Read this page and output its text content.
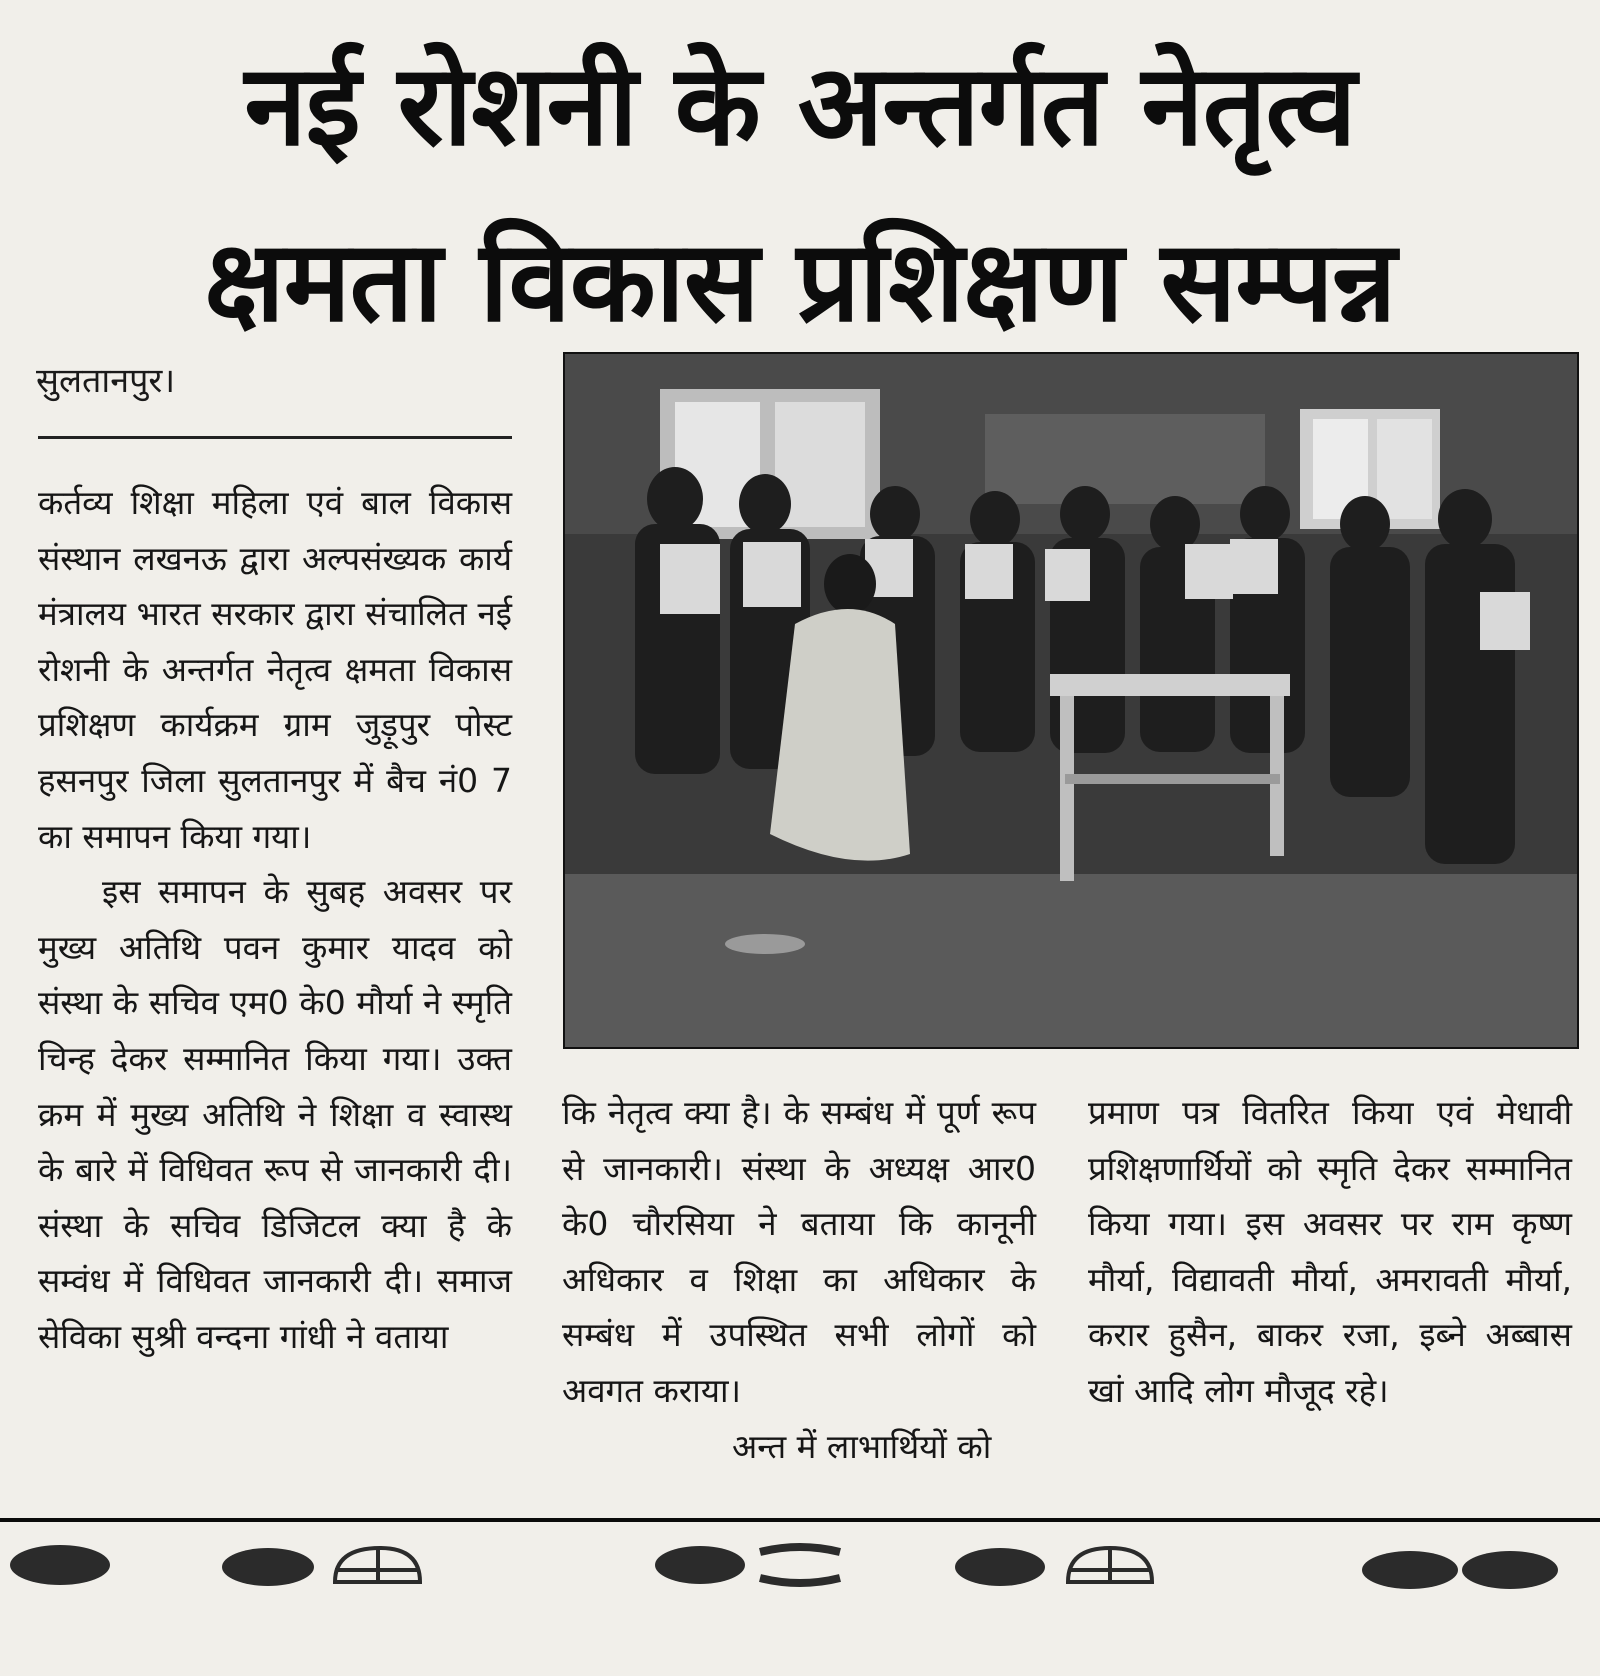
नई रोशनी के अन्तर्गत नेतृत्व
क्षमता विकास प्रशिक्षण सम्पन्न
सुलतानपुर।

कर्तव्य शिक्षा महिला एवं बाल विकास संस्थान लखनऊ द्वारा अल्पसंख्यक कार्य मंत्रालय भारत सरकार द्वारा संचालित नई रोशनी के अन्तर्गत नेतृत्व क्षमता विकास प्रशिक्षण कार्यक्रम ग्राम जुड़ूपुर पोस्ट हसनपुर जिला सुलतानपुर में बैच नं0 7 का समापन किया गया।

इस समापन के सुबह अवसर पर मुख्य अतिथि पवन कुमार यादव को संस्था के सचिव एम0 के0 मौर्या ने स्मृति चिन्ह देकर सम्मानित किया गया। उक्त क्रम में मुख्य अतिथि ने शिक्षा व स्वास्थ के बारे में विधिवत रूप से जानकारी दी। संस्था के सचिव डिजिटल क्या है के सम्वंध में विधिवत जानकारी दी। समाज सेविका सुश्री वन्दना गांधी ने वताया

कि नेतृत्व क्या है। के सम्बंध में पूर्ण रूप से जानकारी। संस्था के अध्यक्ष आर0 के0 चौरसिया ने बताया कि कानूनी अधिकार व शिक्षा का अधिकार के सम्बंध में उपस्थित सभी लोगों को अवगत कराया।

अन्त में लाभार्थियों को

प्रमाण पत्र वितरित किया एवं मेधावी प्रशिक्षणार्थियों को स्मृति देकर सम्मानित किया गया। इस अवसर पर राम कृष्ण मौर्या, विद्यावती मौर्या, अमरावती मौर्या, करार हुसैन, बाकर रजा, इब्ने अब्बास खां आदि लोग मौजूद रहे।
